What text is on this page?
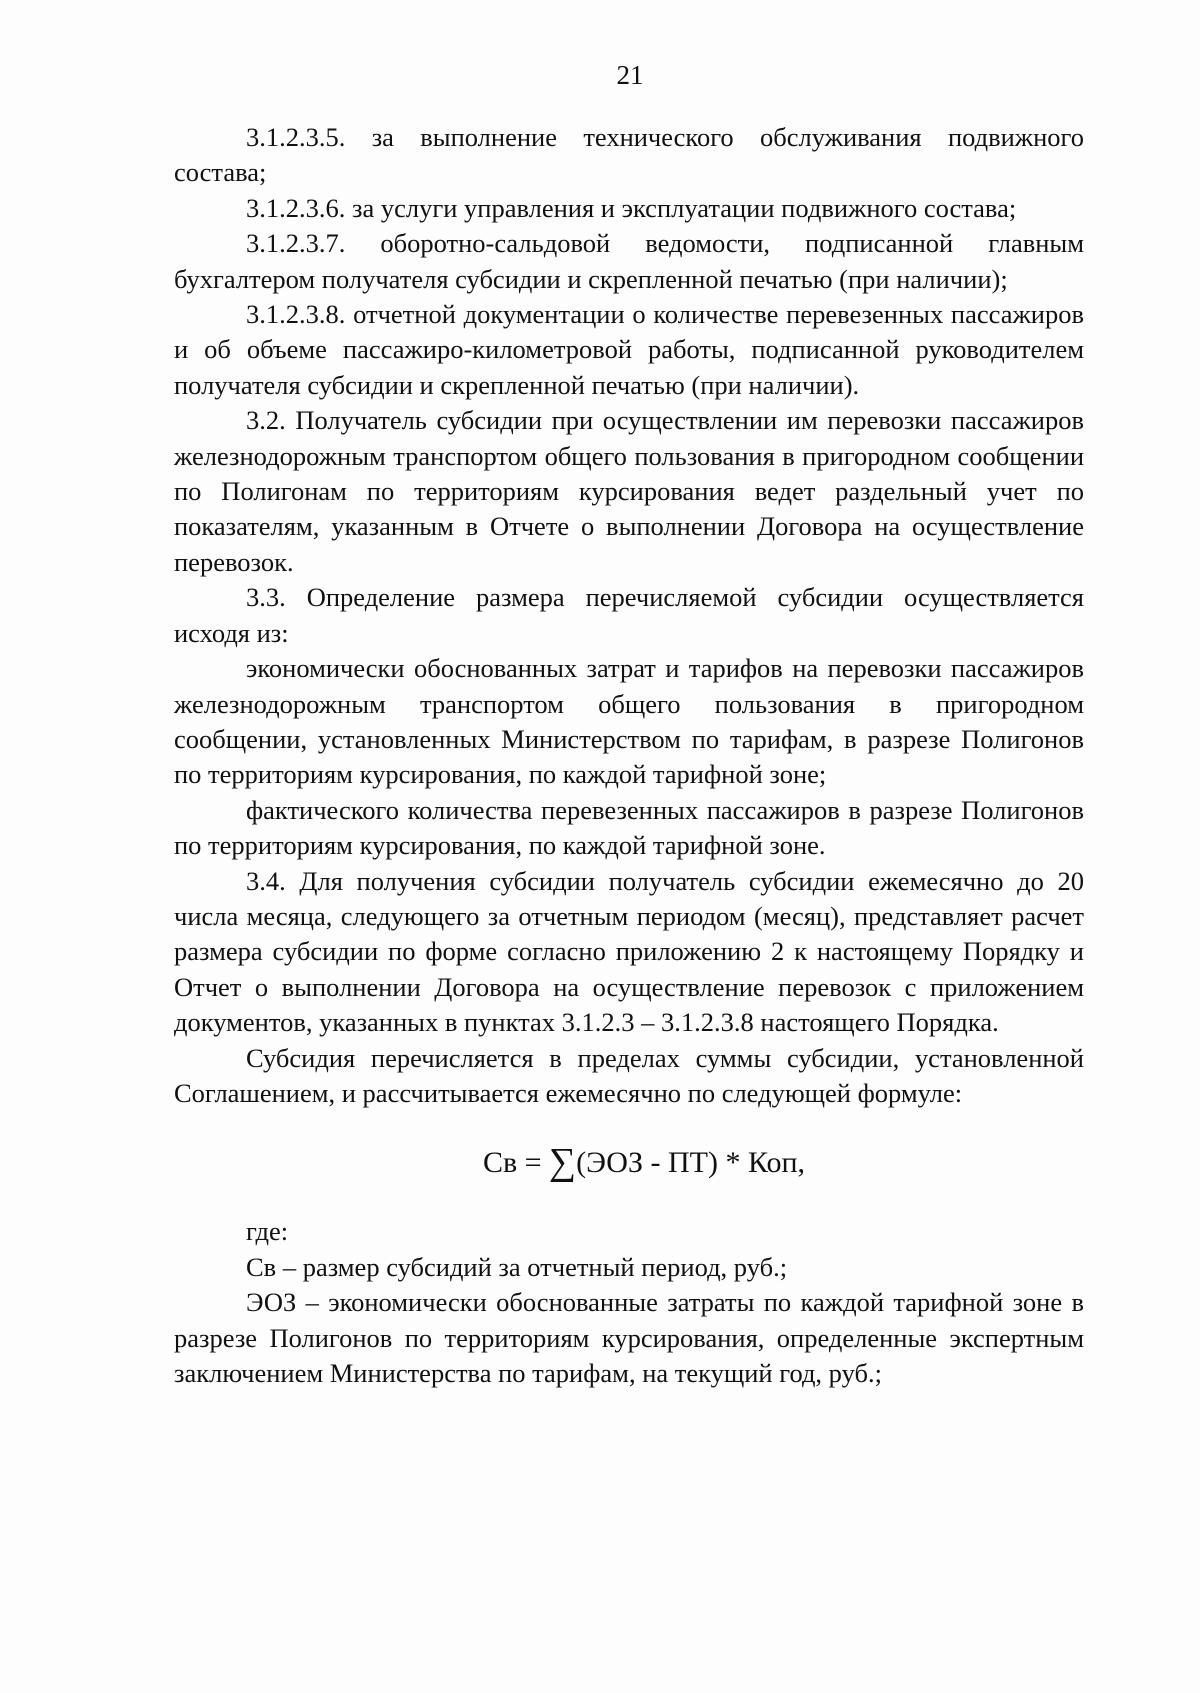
21

3.1.2.3.5. за выполнение технического обслуживания подвижного состава;

3.1.2.3.6. за услуги управления и эксплуатации подвижного состава;

3.1.2.3.7. оборотно-сальдовой ведомости, подписанной главным бухгалтером получателя субсидии и скрепленной печатью (при наличии);

3.1.2.3.8. отчетной документации о количестве перевезенных пассажиров и об объеме пассажиро-километровой работы, подписанной руководителем получателя субсидии и скрепленной печатью (при наличии).

3.2. Получатель субсидии при осуществлении им перевозки пассажиров железнодорожным транспортом общего пользования в пригородном сообщении по Полигонам по территориям курсирования ведет раздельный учет по показателям, указанным в Отчете о выполнении Договора на осуществление перевозок.

3.3. Определение размера перечисляемой субсидии осуществляется исходя из:

экономически обоснованных затрат и тарифов на перевозки пассажиров железнодорожным транспортом общего пользования в пригородном сообщении, установленных Министерством по тарифам, в разрезе Полигонов по территориям курсирования, по каждой тарифной зоне;

фактического количества перевезенных пассажиров в разрезе Полигонов по территориям курсирования, по каждой тарифной зоне.

3.4. Для получения субсидии получатель субсидии ежемесячно до 20 числа месяца, следующего за отчетным периодом (месяц), представляет расчет размера субсидии по форме согласно приложению 2 к настоящему Порядку и Отчет о выполнении Договора на осуществление перевозок с приложением документов, указанных в пунктах 3.1.2.3 – 3.1.2.3.8 настоящего Порядка.

Субсидия перечисляется в пределах суммы субсидии, установленной Соглашением, и рассчитывается ежемесячно по следующей формуле:

Св = ∑(ЭОЗ - ПТ) * Коп,

где:

Св – размер субсидий за отчетный период, руб.;

ЭОЗ – экономически обоснованные затраты по каждой тарифной зоне в разрезе Полигонов по территориям курсирования, определенные экспертным заключением Министерства по тарифам, на текущий год, руб.;
